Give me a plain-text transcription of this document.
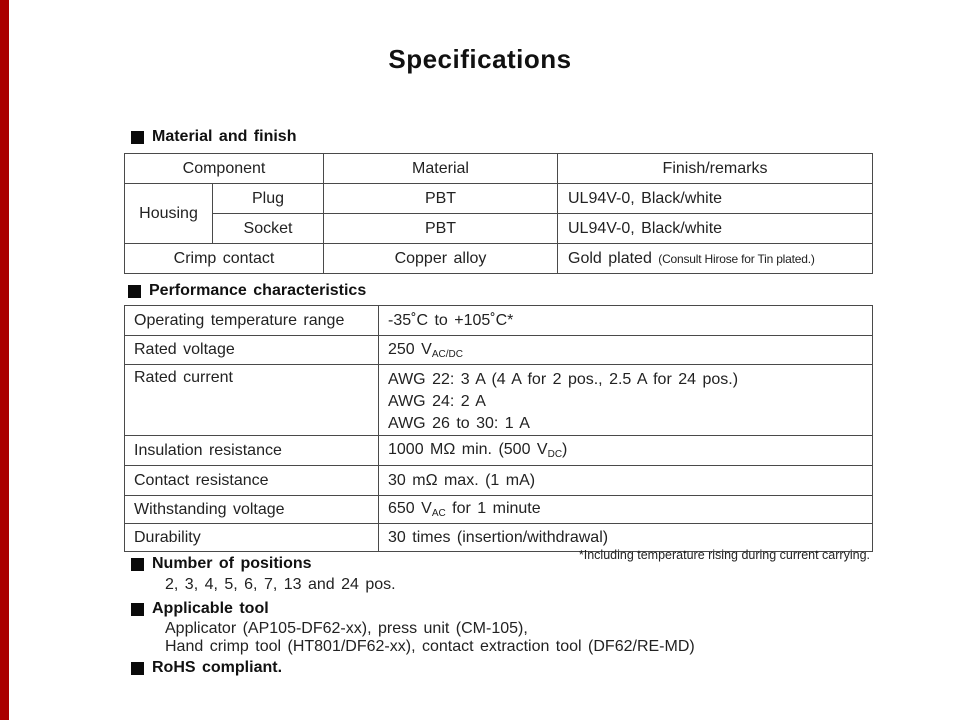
Specifications
Material and finish
Component		Material	Finish/remarks
Housing	Plug	PBT	UL94V-0, Black/white
	Socket	PBT	UL94V-0, Black/white
Crimp contact		Copper alloy	Gold plated (Consult Hirose for Tin plated.)
Performance characteristics
Operating temperature range	-35˚C to +105˚C*
Rated voltage	250 $V_{AC/DC}$
Rated current	AWG 22: 3 A (4 A for 2 pos., 2.5 A for 24 pos.)
AWG 24: 2 A
AWG 26 to 30: 1 A

Insulation resistance	1000 MΩ min. (500 $V_{DC}$)
Contact resistance	30 mΩ max. (1 mA)
Withstanding voltage	650 $V_{AC}$ for 1 minute
Durability	30 times (insertion/withdrawal)
*Including temperature rising during current carrying.
Number of positions
2, 3, 4, 5, 6, 7, 13 and 24 pos.
Applicable tool
Applicator (AP105-DF62-xx), press unit (CM-105),
Hand crimp tool (HT801/DF62-xx), contact extraction tool (DF62/RE-MD)
RoHS compliant.
